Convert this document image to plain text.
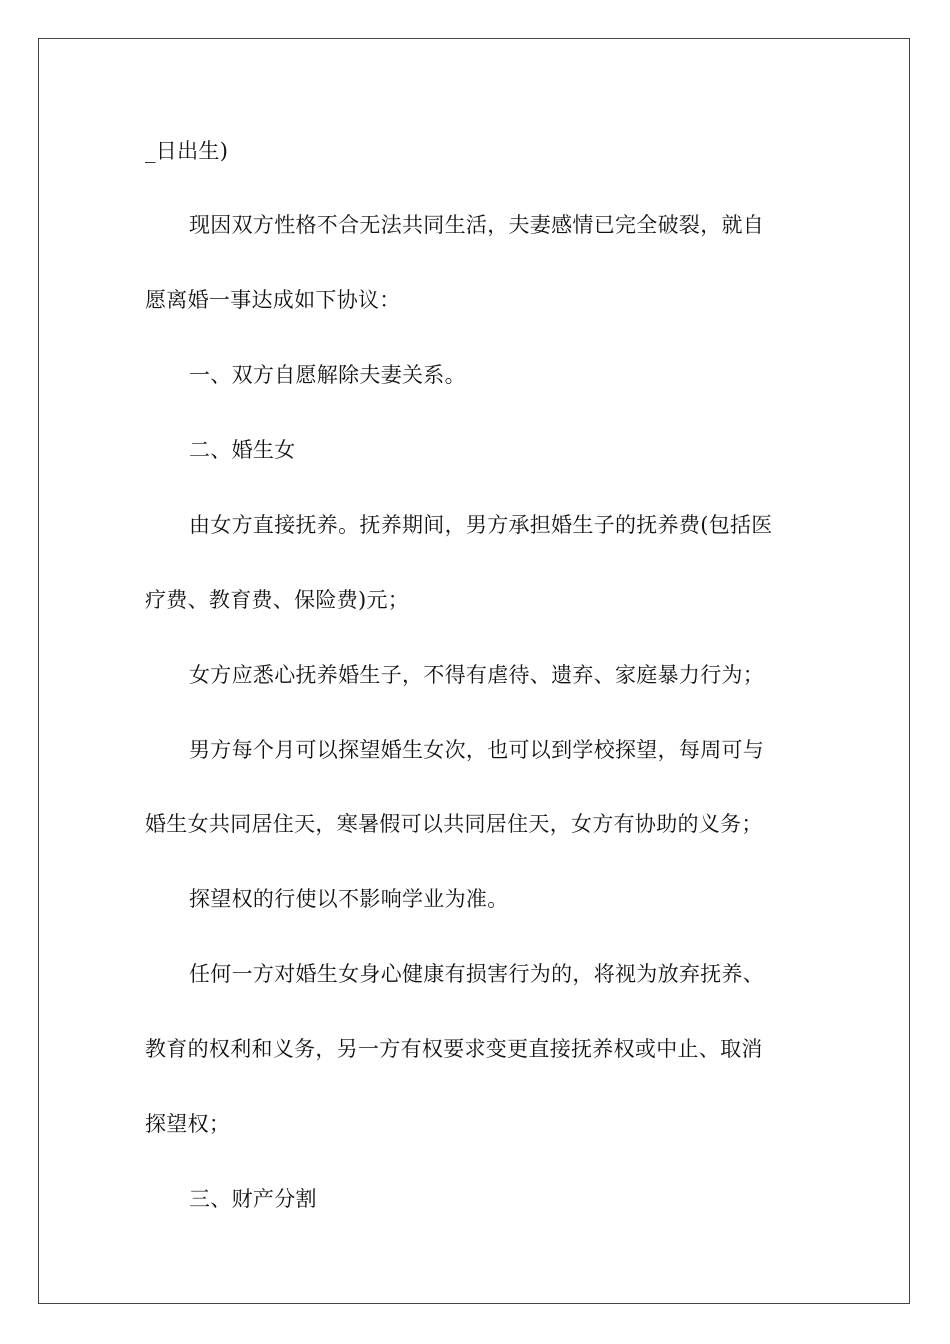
_日出生)
现因双方性格不合无法共同生活，夫妻感情已完全破裂，就自
愿离婚一事达成如下协议：
一、双方自愿解除夫妻关系。
二、婚生女
由女方直接抚养。抚养期间，男方承担婚生子的抚养费(包括医
疗费、教育费、保险费)元；
女方应悉心抚养婚生子，不得有虐待、遗弃、家庭暴力行为；
男方每个月可以探望婚生女次，也可以到学校探望，每周可与
婚生女共同居住天，寒暑假可以共同居住天，女方有协助的义务；
探望权的行使以不影响学业为准。
任何一方对婚生女身心健康有损害行为的，将视为放弃抚养、
教育的权利和义务，另一方有权要求变更直接抚养权或中止、取消
探望权；
三、财产分割
